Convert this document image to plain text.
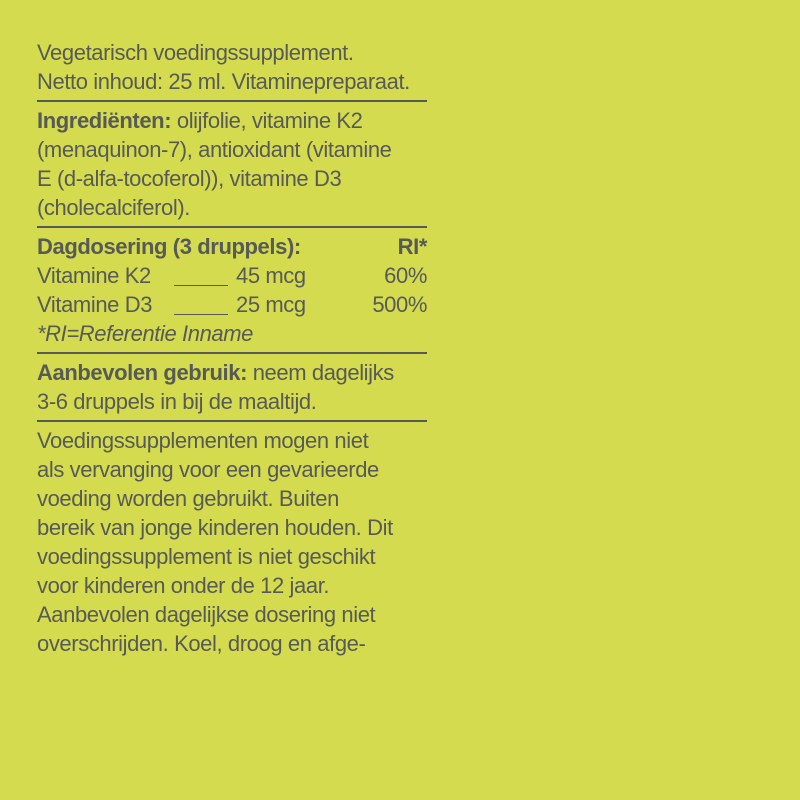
Vegetarisch voedingssupplement.

Netto inhoud: 25 ml. Vitaminepreparaat.

Ingrediënten: olijfolie, vitamine K2

(menaquinon-7), antioxidant (vitamine

E (d-alfa-tocoferol)), vitamine D3

(cholecalciferol).

Dagdosering (3 druppels):	RI*
Vitamine K2	45 mcg	60%
Vitamine D3	25 mcg	500%

*RI=Referentie Inname

Aanbevolen gebruik: neem dagelijks

3-6 druppels in bij de maaltijd.

Voedingssupplementen mogen niet

als vervanging voor een gevarieerde

voeding worden gebruikt. Buiten

bereik van jonge kinderen houden. Dit

voedingssupplement is niet geschikt

voor kinderen onder de 12 jaar.

Aanbevolen dagelijkse dosering niet

overschrijden. Koel, droog en afge-
